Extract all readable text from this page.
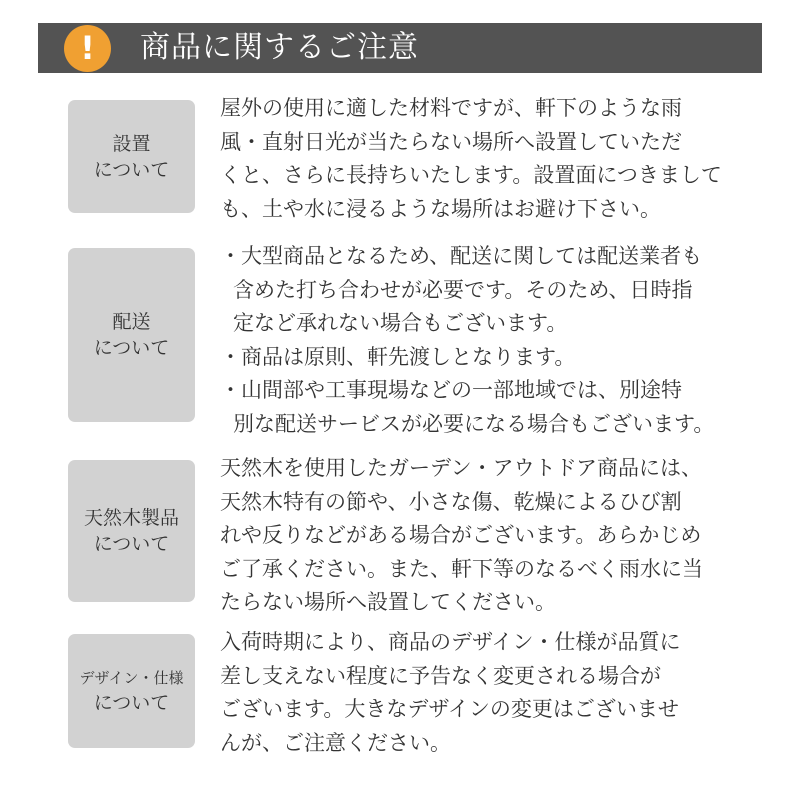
!	商品に関するご注意
設置
について
屋外の使用に適した材料ですが、軒下のような雨
風・直射日光が当たらない場所へ設置していただ
くと、さらに長持ちいたします。設置面につきまして
も、土や水に浸るような場所はお避け下さい。
配送
について
・大型商品となるため、配送に関しては配送業者も
含めた打ち合わせが必要です。そのため、日時指
定など承れない場合もございます。
・商品は原則、軒先渡しとなります。
・山間部や工事現場などの一部地域では、別途特
別な配送サービスが必要になる場合もございます。
天然木製品
について
天然木を使用したガーデン・アウトドア商品には、
天然木特有の節や、小さな傷、乾燥によるひび割
れや反りなどがある場合がございます。あらかじめ
ご了承ください。また、軒下等のなるべく雨水に当
たらない場所へ設置してください。
デザイン・仕様
について
入荷時期により、商品のデザイン・仕様が品質に
差し支えない程度に予告なく変更される場合が
ございます。大きなデザインの変更はございませ
んが、ご注意ください。
